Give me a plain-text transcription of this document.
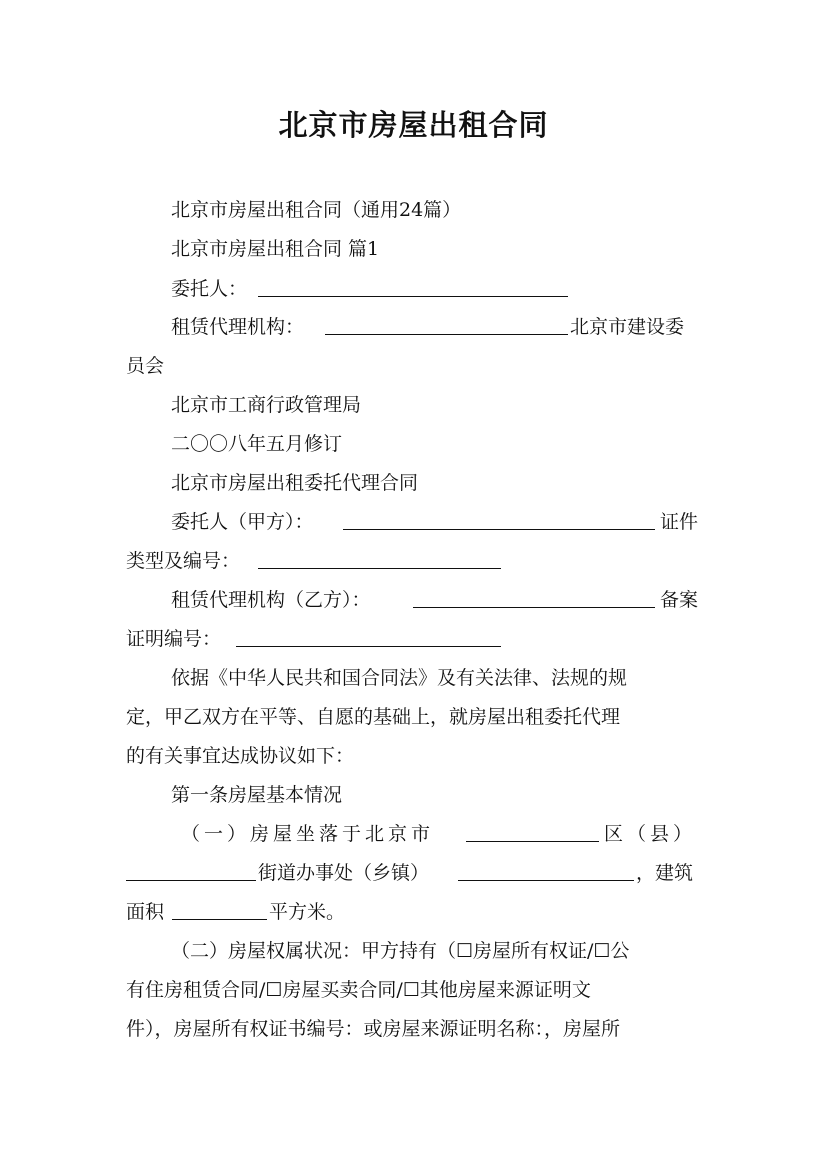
北京市房屋出租合同
北京市房屋出租合同（通用24篇）
北京市房屋出租合同 篇1
委托人：
租赁代理机构：	北京市建设委
员会
北京市工商行政管理局
二〇〇八年五月修订
北京市房屋出租委托代理合同
委托人（甲方）：	证件
类型及编号：
租赁代理机构（乙方）：	备案
证明编号：
依据《中华人民共和国合同法》及有关法律、法规的规
定，甲乙双方在平等、自愿的基础上，就房屋出租委托代理
的有关事宜达成协议如下：
第一条房屋基本情况
（一）房屋坐落于北京市	区（县）
街道办事处（乡镇）	，建筑
面积	平方米。
（二）房屋权属状况：甲方持有（☐房屋所有权证/☐公
有住房租赁合同/☐房屋买卖合同/☐其他房屋来源证明文
件），房屋所有权证书编号：或房屋来源证明名称：，房屋所
